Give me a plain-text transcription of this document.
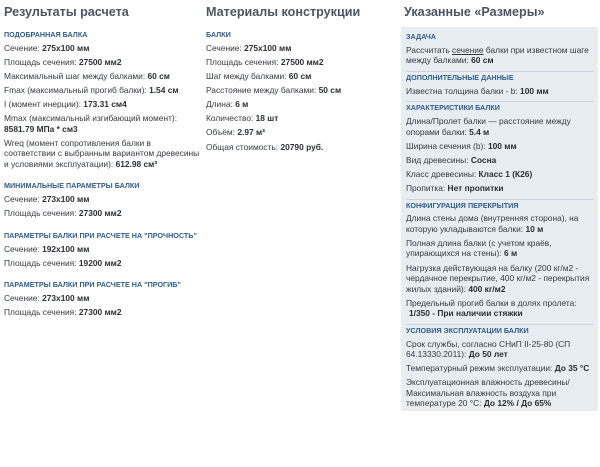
Результаты расчета
ПОДОБРАННАЯ БАЛКА
Сечение: 275x100 мм
Площадь сечения: 27500 мм2
Максимальный шаг между балками: 60 см
Fmax (максимальный прогиб балки): 1.54 см
I (момент инерции): 173.31 см4
Mmax (максимальный изгибающий момент): 8581.79 МПа * см3
Wreq (момент сопротивления балки в соответствии с выбранным вариантом древесины и условиями эксплуатации): 612.98 см³
МИНИМАЛЬНЫЕ ПАРАМЕТРЫ БАЛКИ
Сечение: 273x100 мм
Площадь сечения: 27300 мм2
ПАРАМЕТРЫ БАЛКИ ПРИ РАСЧЕТЕ НА "ПРОЧНОСТЬ"
Сечение: 192x100 мм
Площадь сечения: 19200 мм2
ПАРАМЕТРЫ БАЛКИ ПРИ РАСЧЕТЕ НА "ПРОГИБ"
Сечение: 273x100 мм
Площадь сечения: 27300 мм2
Материалы конструкции
БАЛКИ
Сечение: 275x100 мм
Площадь сечения: 27500 мм2
Шаг между балками: 60 см
Расстояние между балками: 50 см
Длина: 6 м
Количество: 18 шт
Объём: 2.97 м³
Общая стоимость: 20790 руб.
Указанные «Размеры»
ЗАДАЧА
Рассчитать сечение балки при известном шаге между балками: 60 см
ДОПОЛНИТЕЛЬНЫЕ ДАННЫЕ
Известна толщина балки - b: 100 мм
ХАРАКТЕРИСТИКИ БАЛКИ
Длина/Пролет балки — расстояние между опорами балки: 5.4 м
Ширина сечения (b): 100 мм
Вид древесины: Сосна
Класс древесины: Класс 1 (К26)
Пропитка: Нет пропитки
КОНФИГУРАЦИЯ ПЕРЕКРЫТИЯ
Длина стены дома (внутренняя сторона), на которую укладываются балки: 10 м
Полная длина балки (с учетом краёв, упирающихся на стены): 6 м
Нагрузка действующая на балку (200 кг/м2 - чердачное перекрытие, 400 кг/м2 - перекрытия жилых зданий): 400 кг/м2
Предельный прогиб балки в долях пролета: 1/350 - При наличии стяжки
УСЛОВИЯ ЭКСПЛУАТАЦИИ БАЛКИ
Срок службы, согласно СНиП II-25-80 (СП 64.13330.2011): До 50 лет
Температурный режим эксплуатации: До 35 °С
Эксплуатационная влажность древесины/ Максимальная влажность воздуха при температуре 20 °С: До 12% / До 65%
